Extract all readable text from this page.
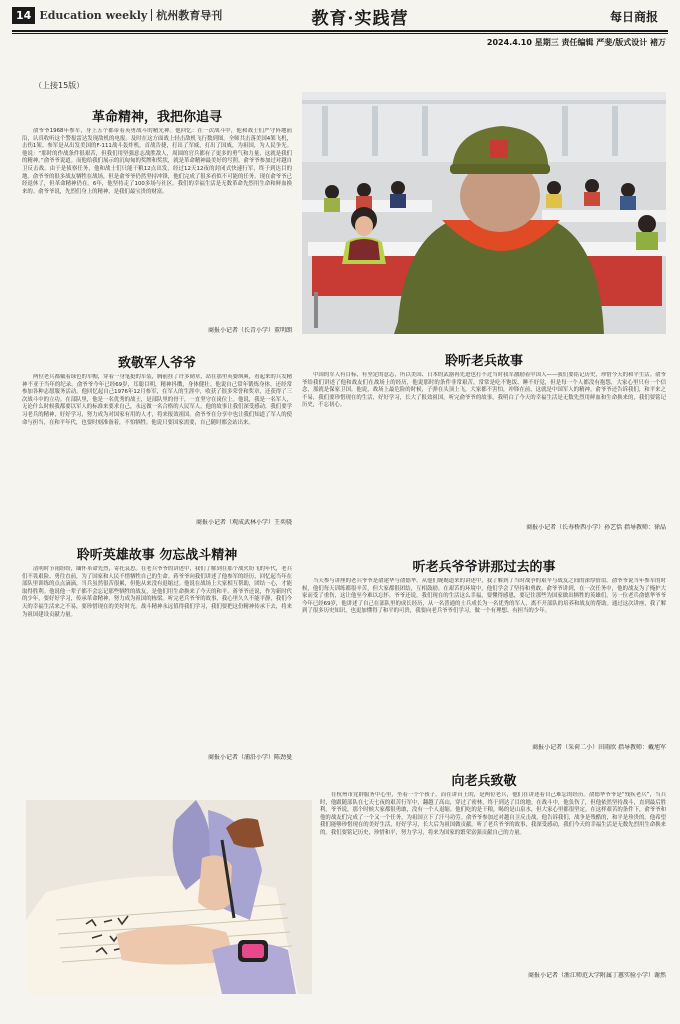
14 Education weekly 杭州教育导刊	教育·实践营	每日商报
2024.4.10 星期三 责任编辑 严斐/版式设计 褚万
（上接15版）
革命精神，我把你追寻

俞爷爷1968年参军，身上五个都带着英勇战斗的精光神。他回忆：在一次战斗中，他和战士们严守阵地前沿，认真收听这个警报雷达发现敌机的电报。及时在这方面战上轻击敌机飞行数到图。全师共击落美国4架飞机，击伤1架。参军是从出发美国的F-111战斗轰炸机。首战告捷，打出了军威，打出了国威，为祖国，为人民争光。他说：“那时的作战条件很艰苦，但我们用坚强意志战胜敌人，周围的官兵都有了更多的勇气和力量，这就是我们的精神。”俞爷爷说道。而他给我们展示的沉甸甸的奖牌和奖状，就是革命精神最美好的写照。俞爷爷参加过对越自卫反击战。由于是侦察任务，他和战士们只能干粮12点出发，经过12天12夜的封闭式快速行军，终于到达目的地。俞爷爷的很多战友牺牲在战场，但是俞爷爷仍然坚持冲锋，他们完成了很多看似不可能的任务。现在俞爷爷已经退休了，但革命精神仍在。6年，他坚持走了100多场与社区。我们的幸福生活是无数革命先烈用生命和鲜血换来的。俞爷爷说，先烈们身上的精神，是我们最宝贵的财富。

商报小记者（长青小学）董明朗
致敬军人爷爷

两位老兵都戴着绿色的军帽，穿着一身笔挺的军装，胸前挂了许多勋章，站在那里英姿飒爽，看起来的兵发精神不亚于当年的纪录。俞爷爷今年已经69岁，耳聪目明，精神抖擞，身体健壮。他说自己常年锻炼身体，还经常参加各种志愿服务活动。他回忆起自己1976年12月参军，在军人的生涯中，收获了很多荣誉和奖章，还获得了三次战斗中的立功。在部队里，他是一名优秀的战士，是部队里的骨干，一直坚守在岗位上。他说，我是一名军人，无论什么时候我都要以军人的标准来要求自己，永远做一名合格的人民军人。他的故事让我们深受感动，我们要学习老兵的精神，好好学习，努力成为对国家有用的人才，将来报效祖国。俞爷爷在分享中也让我们知道了军人的使命与担当，在和平年代，也要时刻准备着，不怕牺牲。他说只要国家需要，自己随时都会站出来。

商报小记者（观成武林小学）王奕骁
聆听英雄故事 勿忘战斗精神

清明时节雨纷纷，缅怀革命先烈，寄托哀思。在老兵爷爷的讲述中，我们了解到在那个战火纷飞的年代，老兵们不畏艰险、勇往直前，为了国家和人民不惜牺牲自己的生命。蒋爷爷向我们讲述了他参军的经历，回忆起当年在部队里训练的点点滴滴，当兵虽然很苦很累，但他从来没有退缩过。他说在战场上大家相互帮助，团结一心，才能取得胜利。他说他一辈子都不会忘记那些牺牲的战友，是他们用生命换来了今天的和平。蒋爷爷还说，作为新时代的少年，要好好学习，传承革命精神，努力成为祖国的栋梁。听完老兵爷爷的故事，我心里久久不能平静，我们今天的幸福生活来之不易，要珍惜现在的美好时光。战斗精神永远值得我们学习，我们要把这份精神传承下去，将来为祖国建设贡献力量。

商报小记者（浦沿小学）陈劲曼
聆听老兵故事

中国的军人有目标，有坚定的意志，所以美国、日本的武器再先进也打不过当时我军激励着中国人——我们要铭记历史，珍惜今天的和平生活。俞爷爷给我们讲述了他和战友们在战场上的经历，他说那时的条件非常艰苦，常常是吃不饱饭、睡不好觉，但是每一个人都没有抱怨，大家心里只有一个信念，那就是保家卫国。他说，战场上最危险的时候，子弹在头顶上飞，大家都不害怕，冲锋在前，这就是中国军人的精神。俞爷爷还告诉我们，和平来之不易，我们要珍惜现在的生活，好好学习，长大了报效祖国。听完俞爷爷的故事，我明白了今天的幸福生活是无数先烈用鲜血和生命换来的，我们要铭记历史，不忘初心。

商报小记者（长寿桥西小学）孙艺恬 指导教师：徐晶
听老兵爷爷讲那过去的事

当天参与讲座的老兵爷爷是俞建华与俞德华。从他们娓娓道来的讲述中，我了解到了当时战争的艰辛与战友之间的深厚情谊。俞爷爷说当年参军的时候，他们每天训练都很辛苦，但大家都很团结，互相鼓励。在艰苦的环境中，他们学会了坚持和勇敢。俞爷爷讲到，在一次任务中，他的战友为了掩护大家而受了重伤，这让他至今难以忘怀。爷爷还说，我们现在的生活这么幸福，要懂得感恩，要记住那些为国家做出牺牲的英雄们。另一位老兵俞德华爷爷今年已经69岁，他讲述了自己在部队里的成长经历，从一名普通的士兵成长为一名优秀的军人，离不开部队的培养和战友的帮助。通过这次讲座，我了解到了很多历史知识，也更加懂得了和平的可贵，我要向老兵爷爷们学习，做一个有理想、有担当的少年。

商报小记者（采荷二小）田雨欣 指导教师：戴旭军
向老兵致敬

在杭州市党群服务中心里，坐着一个个孩子。而在讲台上的，是两位老兵，他们在讲述着自己难忘的经历。俞德华爷爷是“残疾老兵”，当兵时，他跟随部队在七天七夜的艰苦行军中，翻越了高山，穿过了密林，终于到达了目的地。在战斗中，他负伤了，但他依然坚持战斗，直到最后胜利。爷爷说，那个时候大家都很勇敢，没有一个人退缩。他们吃的是干粮，喝的是山泉水，但大家心里都很坚定。在这样艰苦的条件下，俞爷爷和他的战友们完成了一个又一个任务，为祖国立下了汗马功劳。俞爷爷参加过对越自卫反击战，他告诉我们，战争是残酷的，和平是珍贵的。他希望我们能够珍惜现在的美好生活，好好学习，长大后为祖国做贡献。听了老兵爷爷的故事，我深受感动，我们今天的幸福生活是无数先烈用生命换来的。我们要铭记历史，珍惜和平，努力学习，将来为国家的繁荣富强贡献自己的力量。

商报小记者（浙江师范大学附属丁蕙实验小学）谢然
